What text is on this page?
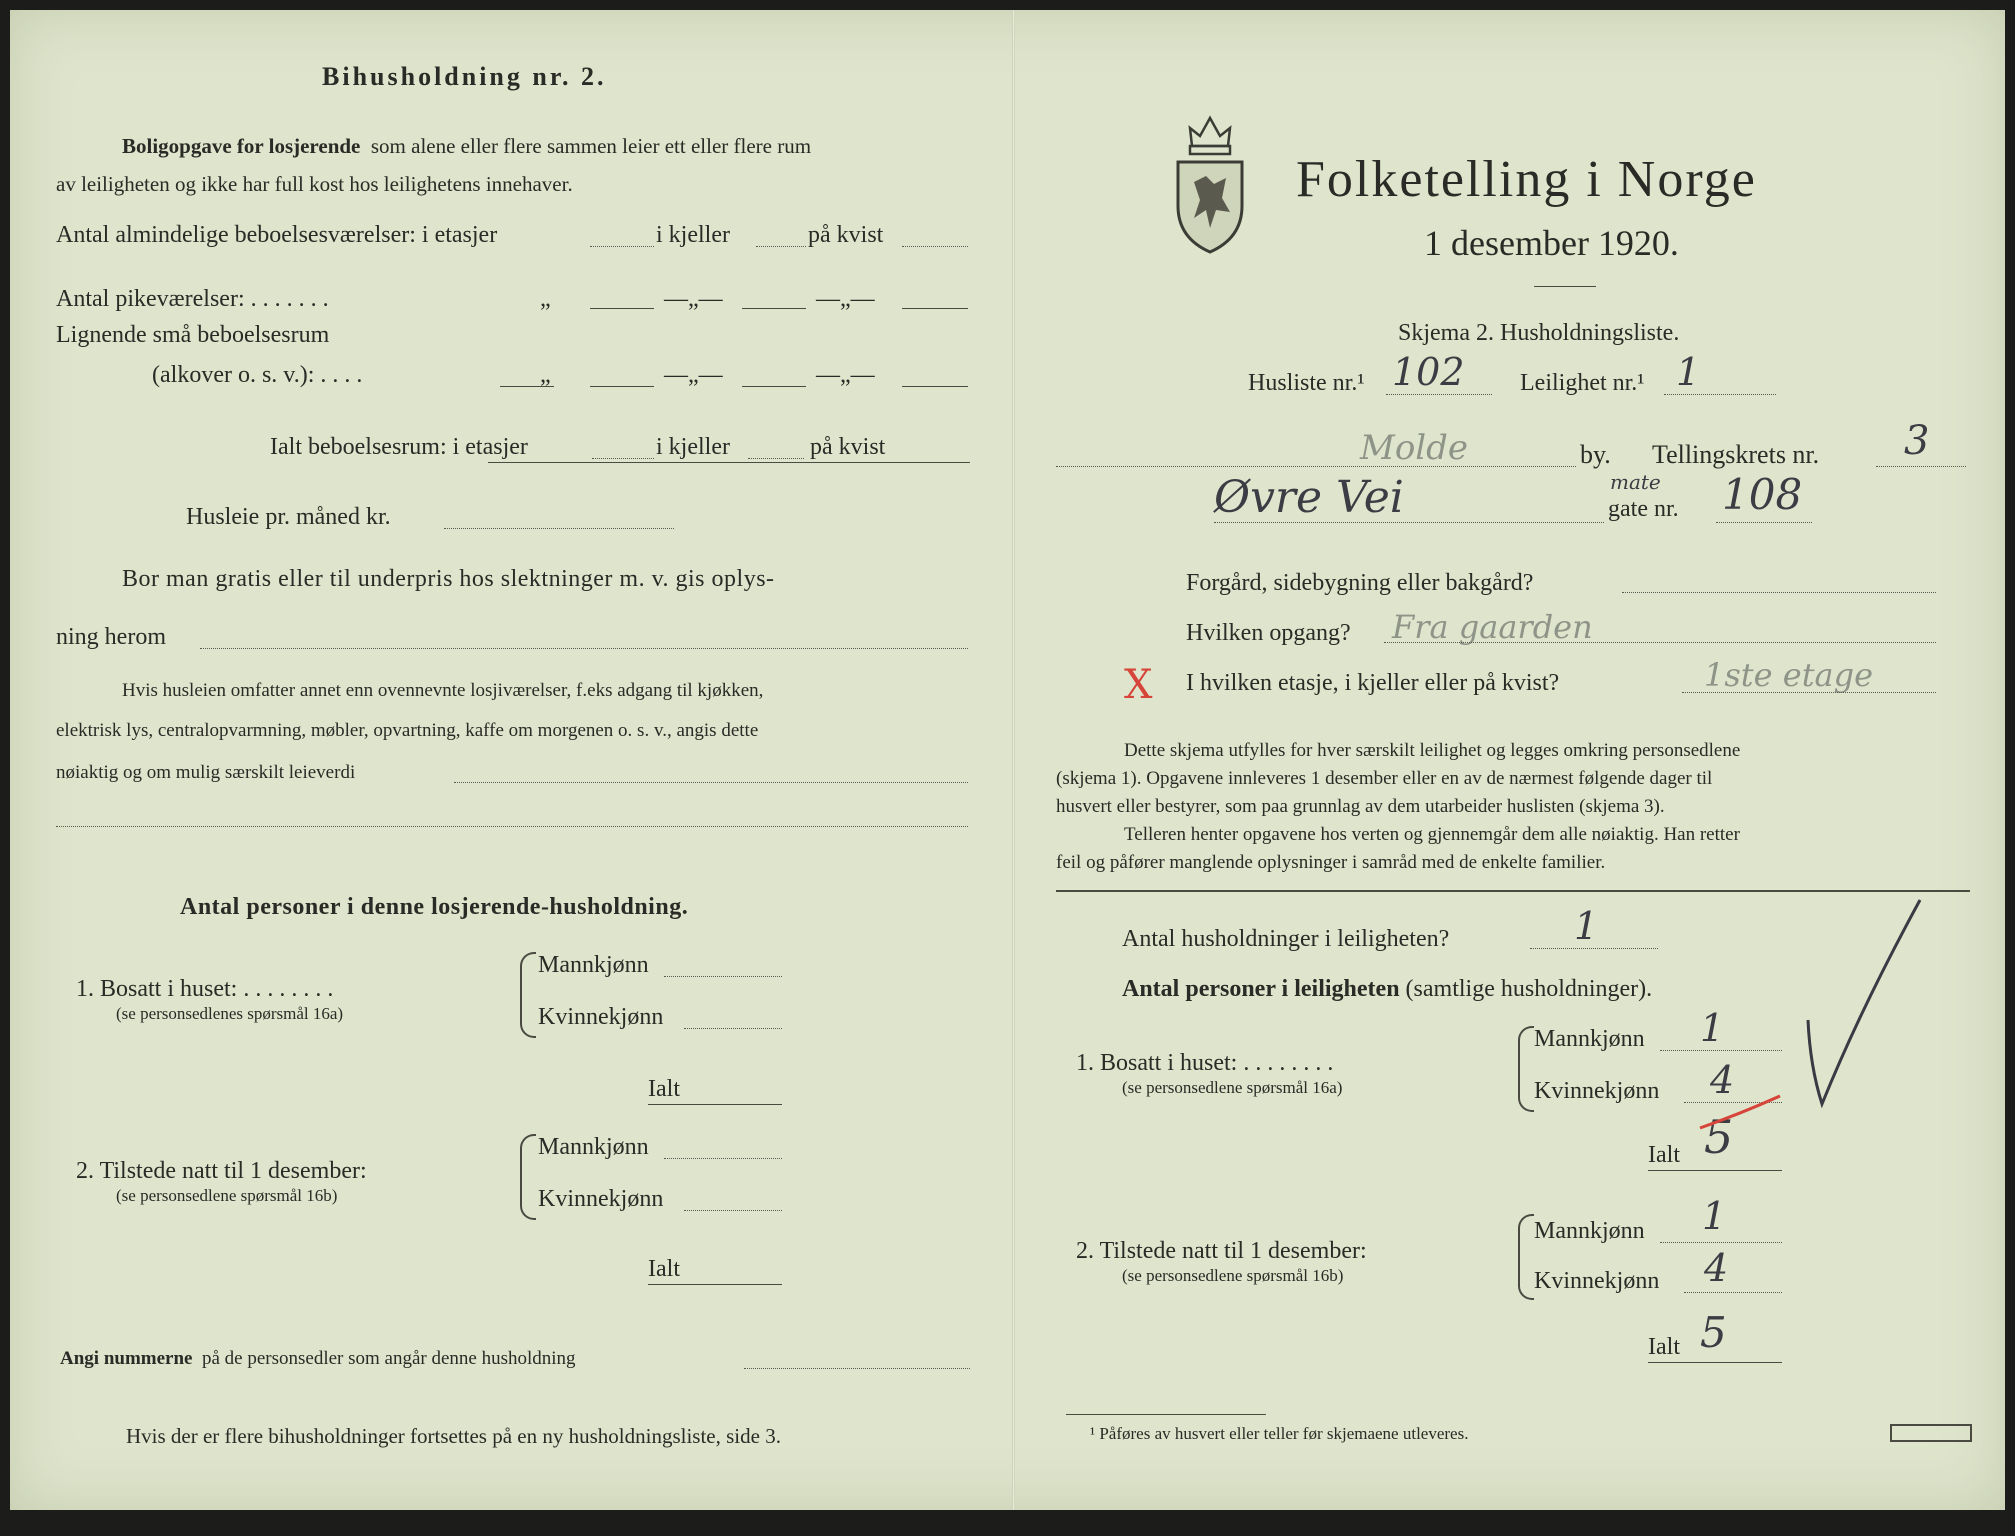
Bihusholdning nr. 2.
Boligopgave for losjerende som alene eller flere sammen leier ett eller flere rum
av leiligheten og ikke har full kost hos leilighetens innehaver.
Antal almindelige beboelsesværelser: i etasjer	i kjeller	på kvist
Antal pikeværelser: . . . . . . .	„	—„—	—„—
Lignende små beboelsesrum
(alkover o. s. v.): . . . .	„	—„—	—„—
Ialt beboelsesrum: i etasjer	i kjeller	på kvist
Husleie pr. måned kr.
Bor man gratis eller til underpris hos slektninger m. v. gis oplys-
ning herom
Hvis husleien omfatter annet enn ovennevnte losjiværelser, f.eks adgang til kjøkken,
elektrisk lys, centralopvarmning, møbler, opvartning, kaffe om morgenen o. s. v., angis dette
nøiaktig og om mulig særskilt leieverdi
Antal personer i denne losjerende-husholdning.
1. Bosatt i huset: . . . . . . . .
(se personsedlenes spørsmål 16a)
Mannkjønn
Kvinnekjønn
Ialt
2. Tilstede natt til 1 desember:
(se personsedlene spørsmål 16b)
Mannkjønn
Kvinnekjønn
Ialt
Angi nummerne på de personsedler som angår denne husholdning
Hvis der er flere bihusholdninger fortsettes på en ny husholdningsliste, side 3.
Folketelling i Norge
1 desember 1920.
Skjema 2. Husholdningsliste.
Husliste nr.¹ 102 Leilighet nr.¹ 1
Molde	by. Tellingskrets nr. 3
Øvre Vei	mate
gate nr. 108
Forgård, sidebygning eller bakgård?
Hvilken opgang? Fra gaarden
X I hvilken etasje, i kjeller eller på kvist?	1ste etage
Dette skjema utfylles for hver særskilt leilighet og legges omkring personsedlene
(skjema 1). Opgavene innleveres 1 desember eller en av de nærmest følgende dager til
husvert eller bestyrer, som paa grunnlag av dem utarbeider huslisten (skjema 3).
Telleren henter opgavene hos verten og gjennemgår dem alle nøiaktig. Han retter
feil og påfører manglende oplysninger i samråd med de enkelte familier.
Antal husholdninger i leiligheten?	1
Antal personer i leiligheten (samtlige husholdninger).
1. Bosatt i huset: . . . . . . . .
(se personsedlene spørsmål 16a)
Mannkjønn 1
Kvinnekjønn 4
Ialt 5
2. Tilstede natt til 1 desember:
(se personsedlene spørsmål 16b)
Mannkjønn 1
Kvinnekjønn 4
Ialt 5
¹ Påføres av husvert eller teller før skjemaene utleveres.
